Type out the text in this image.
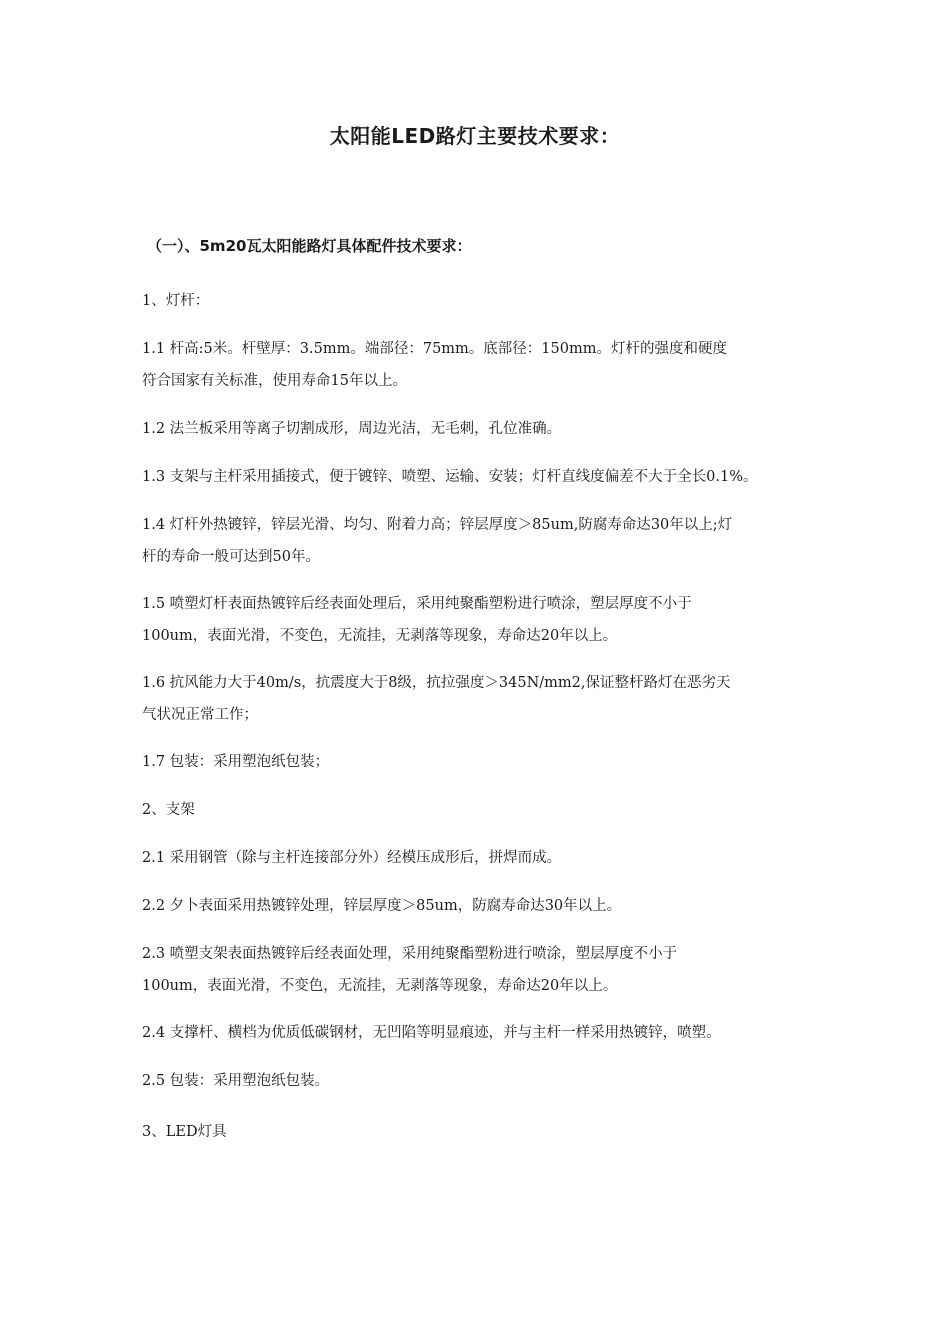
太阳能LED路灯主要技术要求：
（一）、5m20瓦太阳能路灯具体配件技术要求：
1、灯杆：
1.1 杆高:5米。杆壁厚：3.5mm。端部径：75mm。底部径：150mm。灯杆的强度和硬度
符合国家有关标准，使用寿命15年以上。
1.2 法兰板采用等离子切割成形，周边光洁，无毛刺，孔位准确。
1.3 支架与主杆采用插接式，便于镀锌、喷塑、运输、安装；灯杆直线度偏差不大于全长0.1%。
1.4 灯杆外热镀锌，锌层光滑、均匀、附着力高；锌层厚度＞85um,防腐寿命达30年以上;灯
杆的寿命一般可达到50年。
1.5 喷塑灯杆表面热镀锌后经表面处理后，采用纯聚酯塑粉进行喷涂，塑层厚度不小于
100um，表面光滑，不变色，无流挂，无剥落等现象，寿命达20年以上。
1.6 抗风能力大于40m/s，抗震度大于8级，抗拉强度＞345N/mm2,保证整杆路灯在恶劣天
气状况正常工作；
1.7 包装：采用塑泡纸包装；
2、支架
2.1 采用钢管（除与主杆连接部分外）经模压成形后，拼焊而成。
2.2 夕卜表面采用热镀锌处理，锌层厚度＞85um，防腐寿命达30年以上。
2.3 喷塑支架表面热镀锌后经表面处理，采用纯聚酯塑粉进行喷涂，塑层厚度不小于
100um，表面光滑，不变色，无流挂，无剥落等现象，寿命达20年以上。
2.4 支撑杆、横档为优质低碳钢材，无凹陷等明显痕迹，并与主杆一样采用热镀锌，喷塑。
2.5 包装：采用塑泡纸包装。
3、LED灯具
